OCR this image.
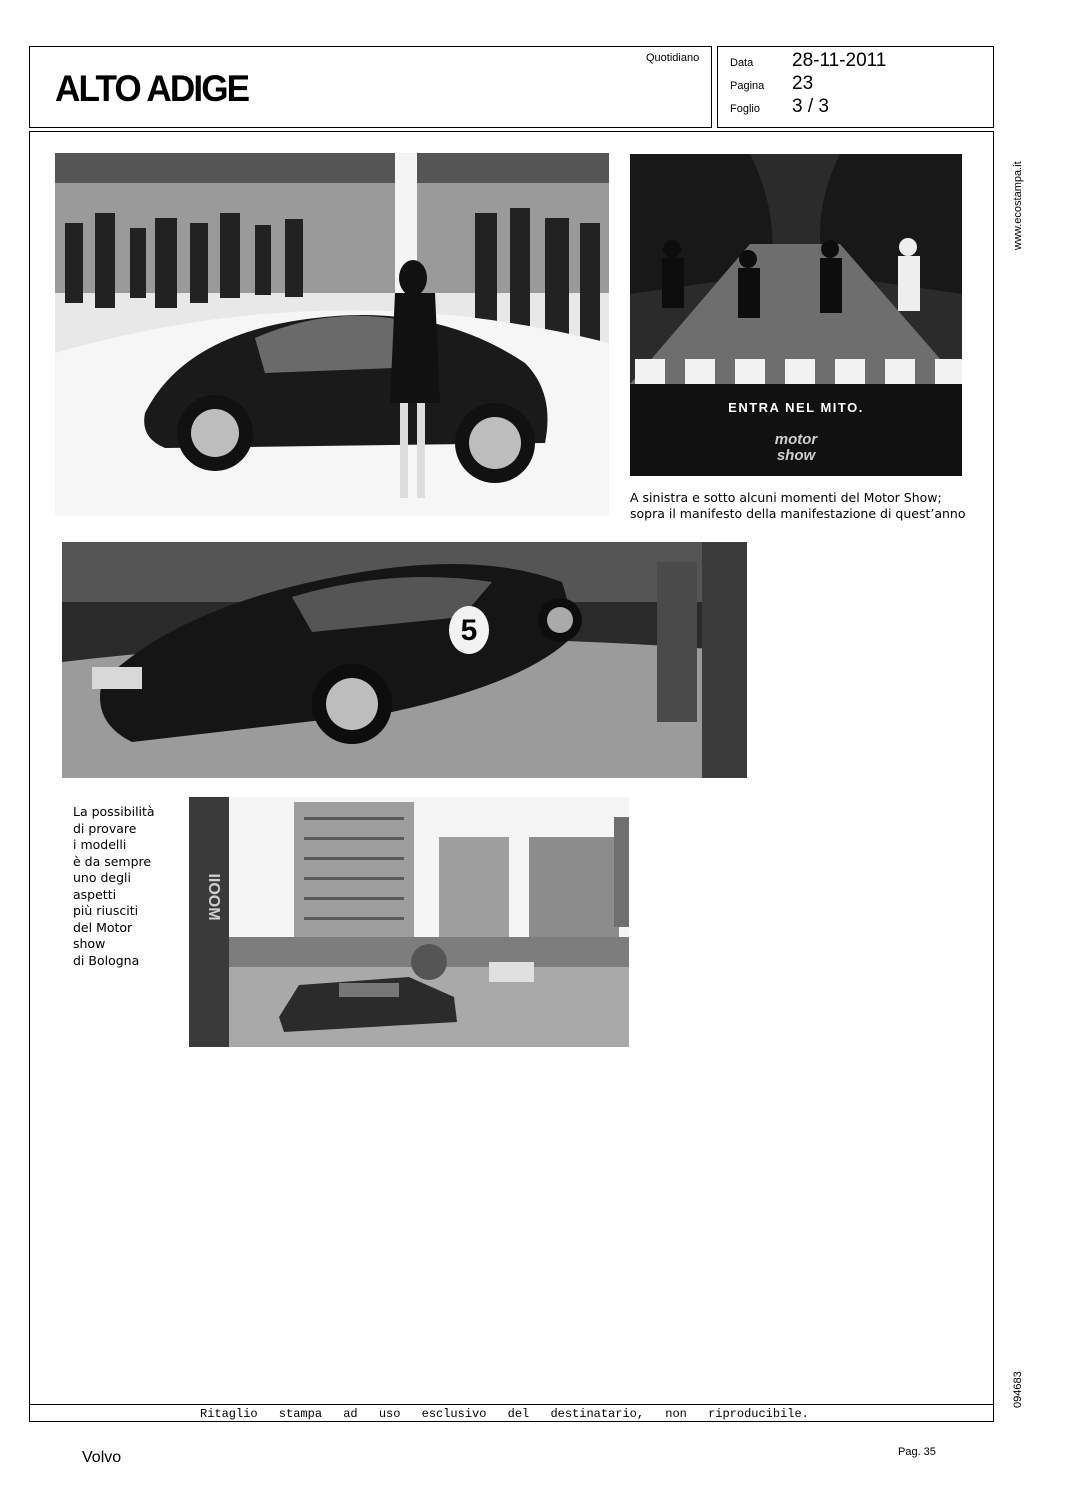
ALTO ADIGE
Quotidiano	Data 28-11-2011
Pagina 23
Foglio 3 / 3
www.ecostampa.it
094683
ENTRA NEL MITO.
motor
show
A sinistra e sotto alcuni momenti del Motor Show;
sopra il manifesto della manifestazione di quest’anno
5
La possibilità
di provare
i modelli
è da sempre
uno degli
aspetti
più riusciti
del Motor
show
di Bologna
IIOOM
Ritaglio stampa ad uso esclusivo del destinatario, non riproducibile.
Volvo	Pag. 35
